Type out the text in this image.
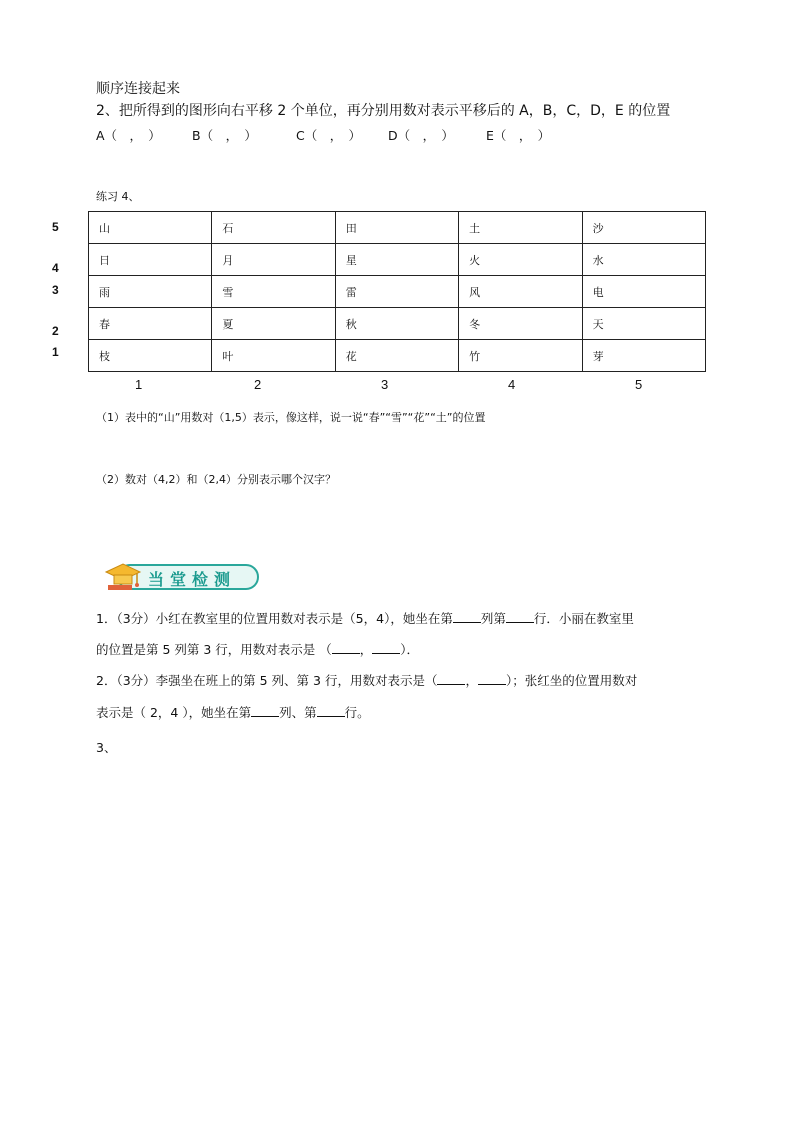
顺序连接起来
2、把所得到的图形向右平移 2 个单位，再分别用数对表示平移后的 A，B，C，D，E 的位置
A（　，　） B（　，　）	C（　，　） D（　，　）	E（　，　）
练习 4、
5
4
3
2
1
山	石	田	土	沙
日	月	星	火	水
雨	雪	雷	风	电
春	夏	秋	冬	天
枝	叶	花	竹	芽
1	2	3	4	5
（1）表中的“山”用数对（1,5）表示，像这样，说一说“春”“雪”“花”“土”的位置
（2）数对（4,2）和（2,4）分别表示哪个汉字？
当堂检测
1．（3分）小红在教室里的位置用数对表示是（5，4），她坐在第 列第 行．小丽在教室里
的位置是第 5 列第 3 行，用数对表示是 （ ， ）．
2．（3分）李强坐在班上的第 5 列、第 3 行，用数对表示是（ ， ）；张红坐的位置用数对
表示是（ 2，4 ），她坐在第 列、第 行。
3、
